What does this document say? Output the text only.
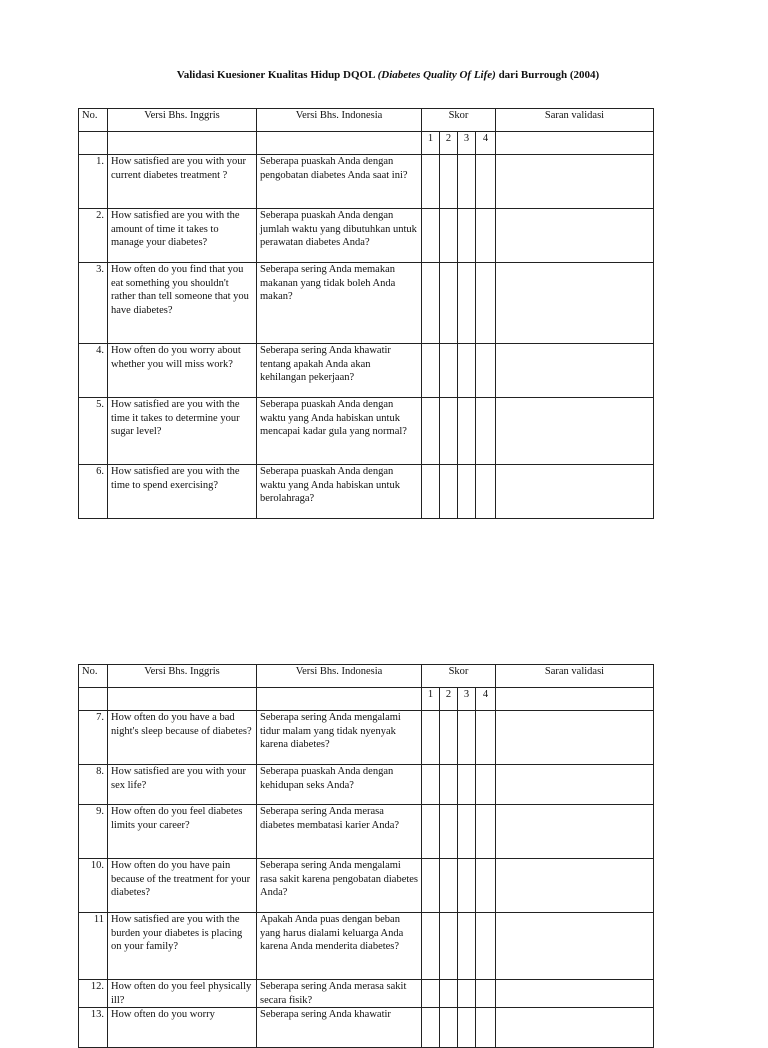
Validasi Kuesioner Kualitas Hidup DQOL (Diabetes Quality Of Life) dari Burrough (2004)
No.	Versi Bhs. Inggris	Versi Bhs. Indonesia	Skor				Saran validasi
			1	2	3	4	
1.	How satisfied are you with your current diabetes treatment ?	Seberapa puaskah Anda dengan pengobatan diabetes Anda saat ini?					
2.	How satisfied are you with the amount of time it takes to manage your diabetes?	Seberapa puaskah Anda dengan jumlah waktu yang dibutuhkan untuk perawatan diabetes Anda?					
3.	How often do you find that you eat something you shouldn't rather than tell someone that you have diabetes?	Seberapa sering Anda memakan makanan yang tidak boleh Anda makan?					
4.	How often do you worry about whether you will miss work?	Seberapa sering Anda khawatir tentang apakah Anda akan kehilangan pekerjaan?					
5.	How satisfied are you with the time it takes to determine your sugar level?	Seberapa puaskah Anda dengan waktu yang Anda habiskan untuk mencapai kadar gula yang normal?					
6.	How satisfied are you with the time to spend exercising?	Seberapa puaskah Anda dengan waktu yang Anda habiskan untuk berolahraga?					
No.	Versi Bhs. Inggris	Versi Bhs. Indonesia	Skor				Saran validasi
			1	2	3	4	
7.	How often do you have a bad night's sleep because of diabetes?	Seberapa sering Anda mengalami tidur malam yang tidak nyenyak karena diabetes?					
8.	How satisfied are you with your sex life?	Seberapa puaskah Anda dengan kehidupan seks Anda?					
9.	How often do you feel diabetes limits your career?	Seberapa sering Anda merasa diabetes membatasi karier Anda?					
10.	How often do you have pain because of the treatment for your diabetes?	Seberapa sering Anda mengalami rasa sakit karena pengobatan diabetes Anda?					
11	How satisfied are you with the burden your diabetes is placing on your family?	Apakah Anda puas dengan beban yang harus dialami keluarga Anda karena Anda menderita diabetes?					
12.	How often do you feel physically ill?	Seberapa sering Anda merasa sakit secara fisik?					
13.	How often do you worry	Seberapa sering Anda khawatir					
